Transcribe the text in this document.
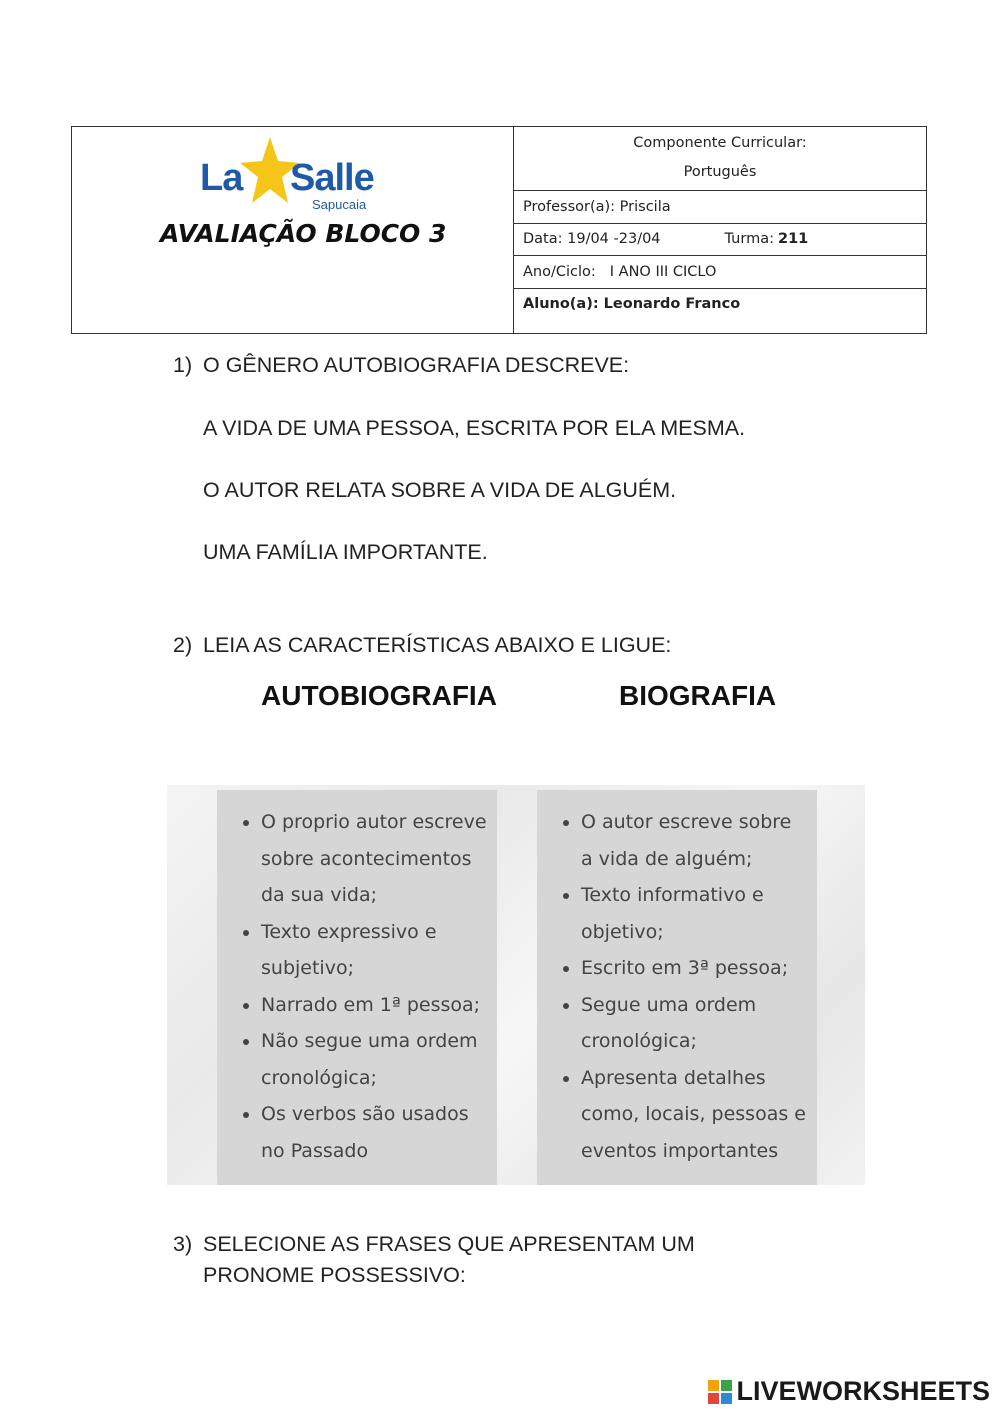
La Salle
Sapucaia
AVALIAÇÃO BLOCO 3
Componente Curricular:
Português
Professor(a): Priscila
Data: 19/04 -23/04	Turma: 211
Ano/Ciclo: I ANO III CICLO
Aluno(a): Leonardo Franco
1) O GÊNERO AUTOBIOGRAFIA DESCREVE:
A VIDA DE UMA PESSOA, ESCRITA POR ELA MESMA.
O AUTOR RELATA SOBRE A VIDA DE ALGUÉM.
UMA FAMÍLIA IMPORTANTE.
2) LEIA AS CARACTERÍSTICAS ABAIXO E LIGUE:
AUTOBIOGRAFIA	BIOGRAFIA
• O proprio autor escreve sobre acontecimentos da sua vida;
• Texto expressivo e subjetivo;
• Narrado em 1ª pessoa;
• Não segue uma ordem cronológica;
• Os verbos são usados no Passado
• O autor escreve sobre a vida de alguém;
• Texto informativo e objetivo;
• Escrito em 3ª pessoa;
• Segue uma ordem cronológica;
• Apresenta detalhes como, locais, pessoas e eventos importantes
3) SELECIONE AS FRASES QUE APRESENTAM UM
PRONOME POSSESSIVO:
LIVEWORKSHEETS
